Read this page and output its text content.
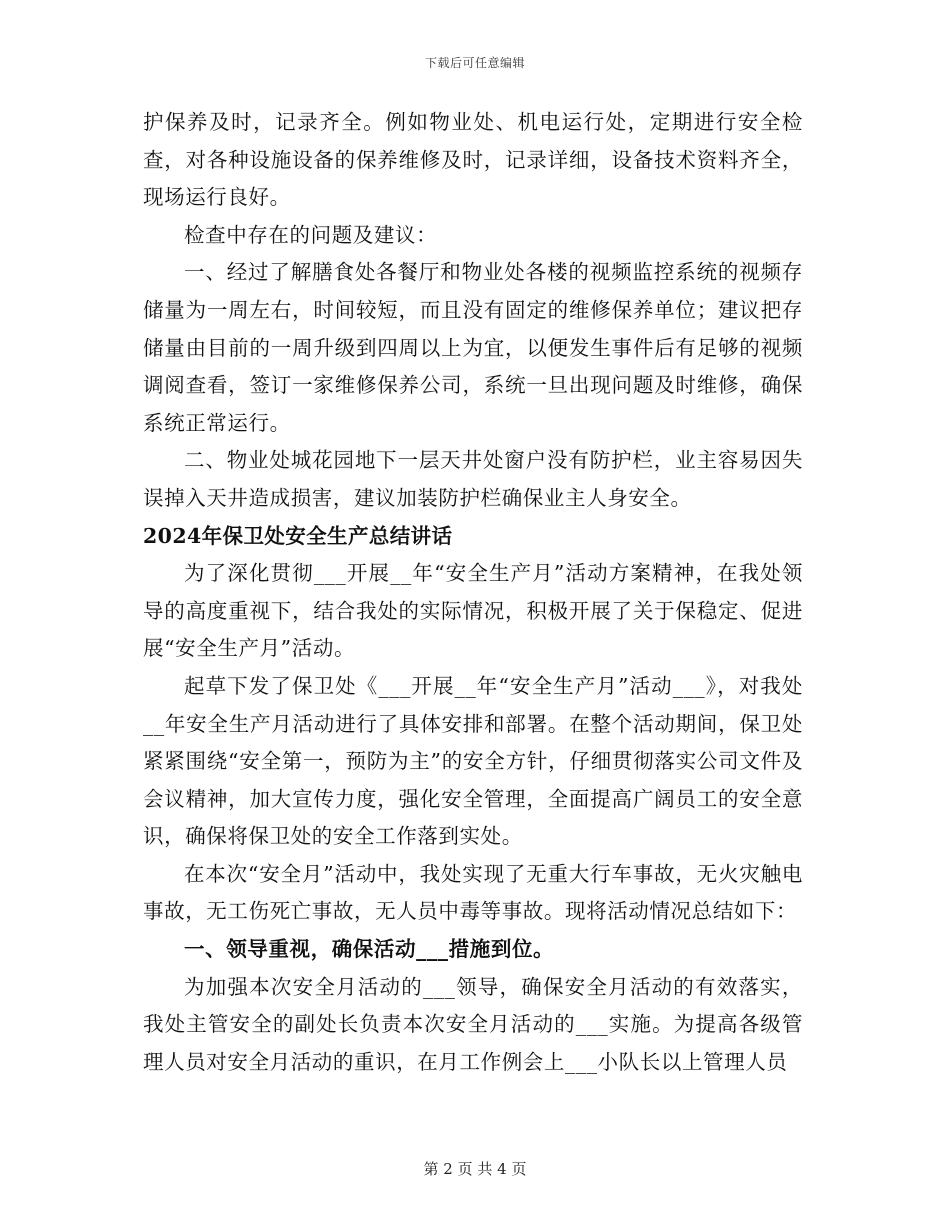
下载后可任意编辑

护保养及时，记录齐全。例如物业处、机电运行处，定期进行安全检查，对各种设施设备的保养维修及时，记录详细，设备技术资料齐全，现场运行良好。

检查中存在的问题及建议：

一、经过了解膳食处各餐厅和物业处各楼的视频监控系统的视频存储量为一周左右，时间较短，而且没有固定的维修保养单位；建议把存储量由目前的一周升级到四周以上为宜，以便发生事件后有足够的视频调阅查看，签订一家维修保养公司，系统一旦出现问题及时维修，确保系统正常运行。

二、物业处城花园地下一层天井处窗户没有防护栏，业主容易因失误掉入天井造成损害，建议加装防护栏确保业主人身安全。

2024年保卫处安全生产总结讲话

为了深化贯彻___开展__年“安全生产月”活动方案精神，在我处领导的高度重视下，结合我处的实际情况，积极开展了关于保稳定、促进展“安全生产月”活动。

起草下发了保卫处《___开展__年“安全生产月”活动___》，对我处__年安全生产月活动进行了具体安排和部署。在整个活动期间，保卫处紧紧围绕“安全第一，预防为主”的安全方针，仔细贯彻落实公司文件及会议精神，加大宣传力度，强化安全管理，全面提高广阔员工的安全意识，确保将保卫处的安全工作落到实处。

在本次“安全月”活动中，我处实现了无重大行车事故，无火灾触电事故，无工伤死亡事故，无人员中毒等事故。现将活动情况总结如下：

一、领导重视，确保活动___措施到位。

为加强本次安全月活动的___领导，确保安全月活动的有效落实，我处主管安全的副处长负责本次安全月活动的___实施。为提高各级管理人员对安全月活动的重识，在月工作例会上___小队长以上管理人员

第 2 页 共 4 页
